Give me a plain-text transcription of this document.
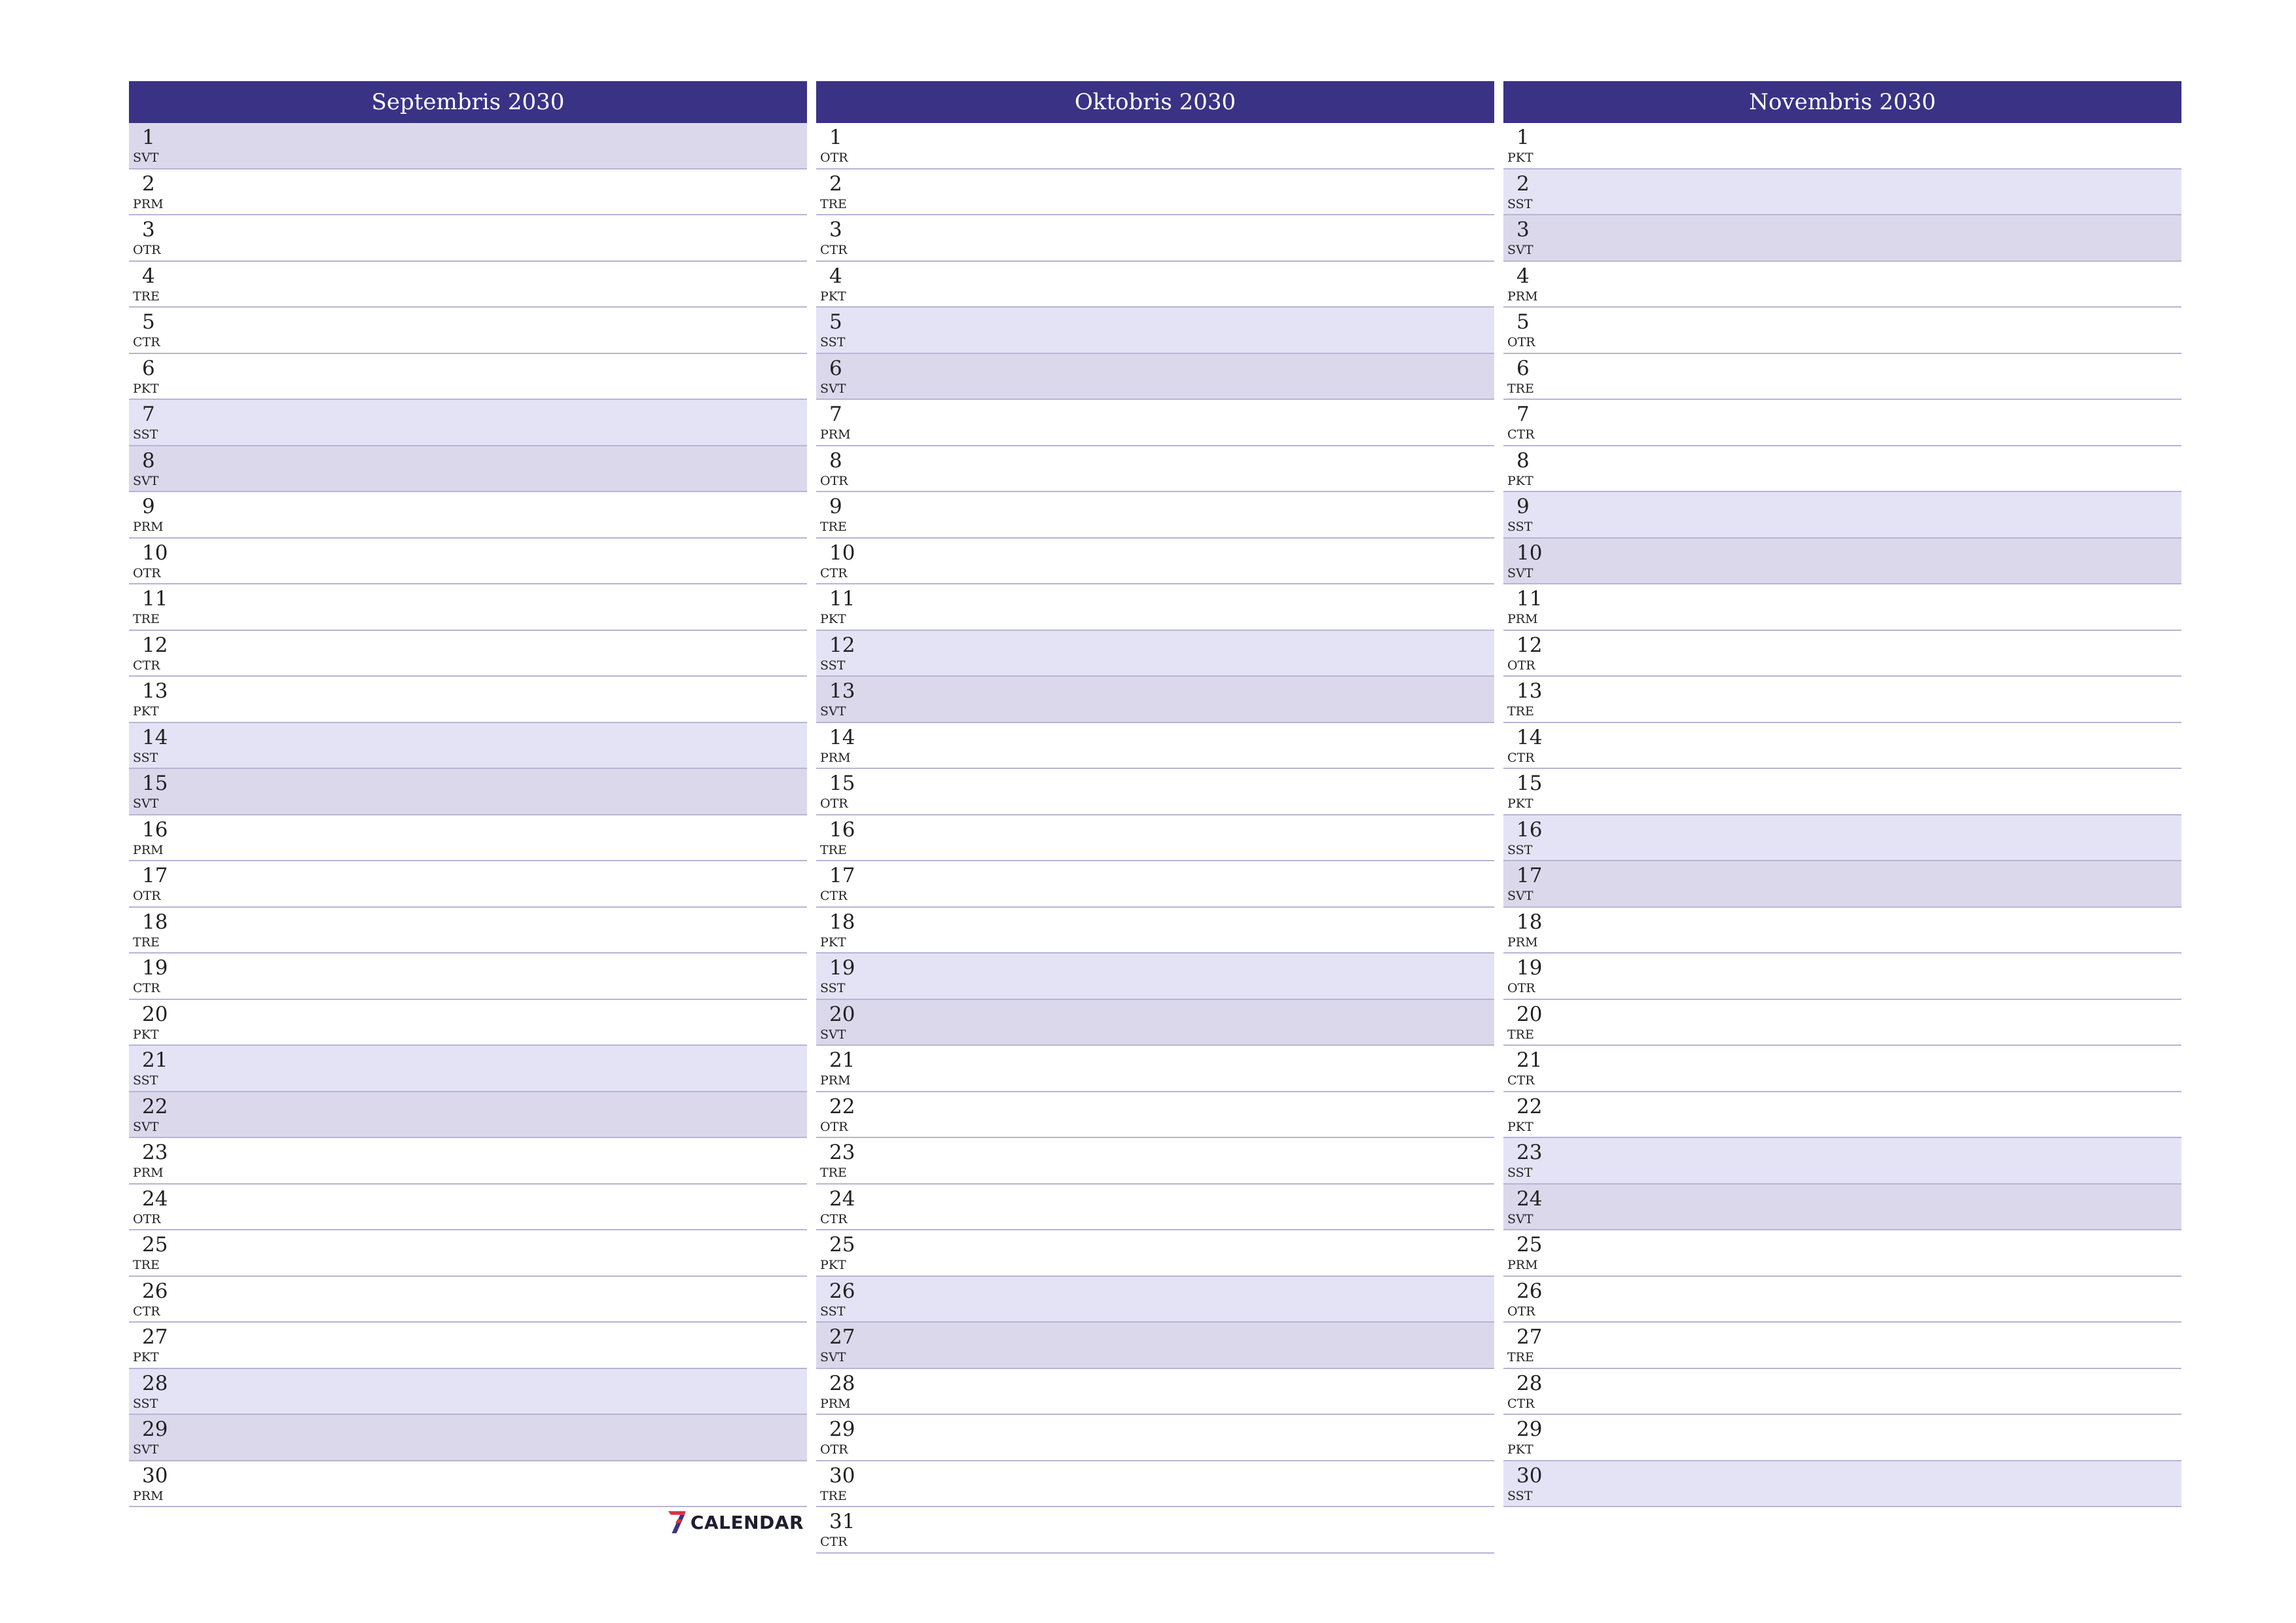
Septembris 2030
1
SVT
2
PRM
3
OTR
4
TRE
5
CTR
6
PKT
7
SST
8
SVT
9
PRM
10
OTR
11
TRE
12
CTR
13
PKT
14
SST
15
SVT
16
PRM
17
OTR
18
TRE
19
CTR
20
PKT
21
SST
22
SVT
23
PRM
24
OTR
25
TRE
26
CTR
27
PKT
28
SST
29
SVT
30
PRM
Oktobris 2030
1
OTR
2
TRE
3
CTR
4
PKT
5
SST
6
SVT
7
PRM
8
OTR
9
TRE
10
CTR
11
PKT
12
SST
13
SVT
14
PRM
15
OTR
16
TRE
17
CTR
18
PKT
19
SST
20
SVT
21
PRM
22
OTR
23
TRE
24
CTR
25
PKT
26
SST
27
SVT
28
PRM
29
OTR
30
TRE
31
CTR
Novembris 2030
1
PKT
2
SST
3
SVT
4
PRM
5
OTR
6
TRE
7
CTR
8
PKT
9
SST
10
SVT
11
PRM
12
OTR
13
TRE
14
CTR
15
PKT
16
SST
17
SVT
18
PRM
19
OTR
20
TRE
21
CTR
22
PKT
23
SST
24
SVT
25
PRM
26
OTR
27
TRE
28
CTR
29
PKT
30
SST
CALENDAR
